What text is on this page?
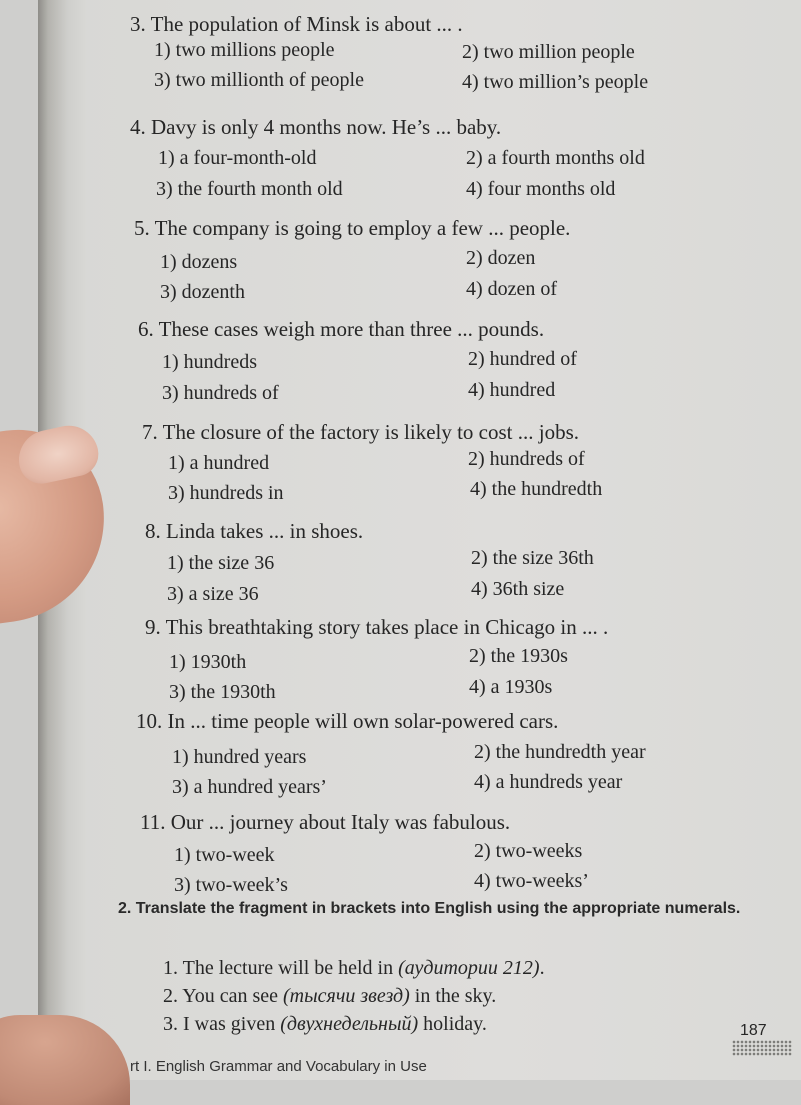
3. The population of Minsk is about ... .
1) two millions people	2) two million people
3) two millionth of people	4) two million’s people
4. Davy is only 4 months now. He’s ... baby.
1) a four-month-old	2) a fourth months old
3) the fourth month old	4) four months old
5. The company is going to employ a few ... people.
1) dozens	2) dozen
3) dozenth	4) dozen of
6. These cases weigh more than three ... pounds.
1) hundreds	2) hundred of
3) hundreds of	4) hundred
7. The closure of the factory is likely to cost ... jobs.
1) a hundred	2) hundreds of
3) hundreds in	4) the hundredth
8. Linda takes ... in shoes.
1) the size 36	2) the size 36th
3) a size 36	4) 36th size
9. This breathtaking story takes place in Chicago in ... .
1) 1930th	2) the 1930s
3) the 1930th	4) a 1930s
10. In ... time people will own solar-powered cars.
1) hundred years	2) the hundredth year
3) a hundred years’	4) a hundreds year
11. Our ... journey about Italy was fabulous.
1) two-week	2) two-weeks
3) two-week’s	4) two-weeks’
2. Translate the fragment in brackets into English using the appropriate numerals.
1. The lecture will be held in (аудитории 212).
2. You can see (тысячи звезд) in the sky.
3. I was given (двухнедельный) holiday.	187
rt I. English Grammar and Vocabulary in Use
